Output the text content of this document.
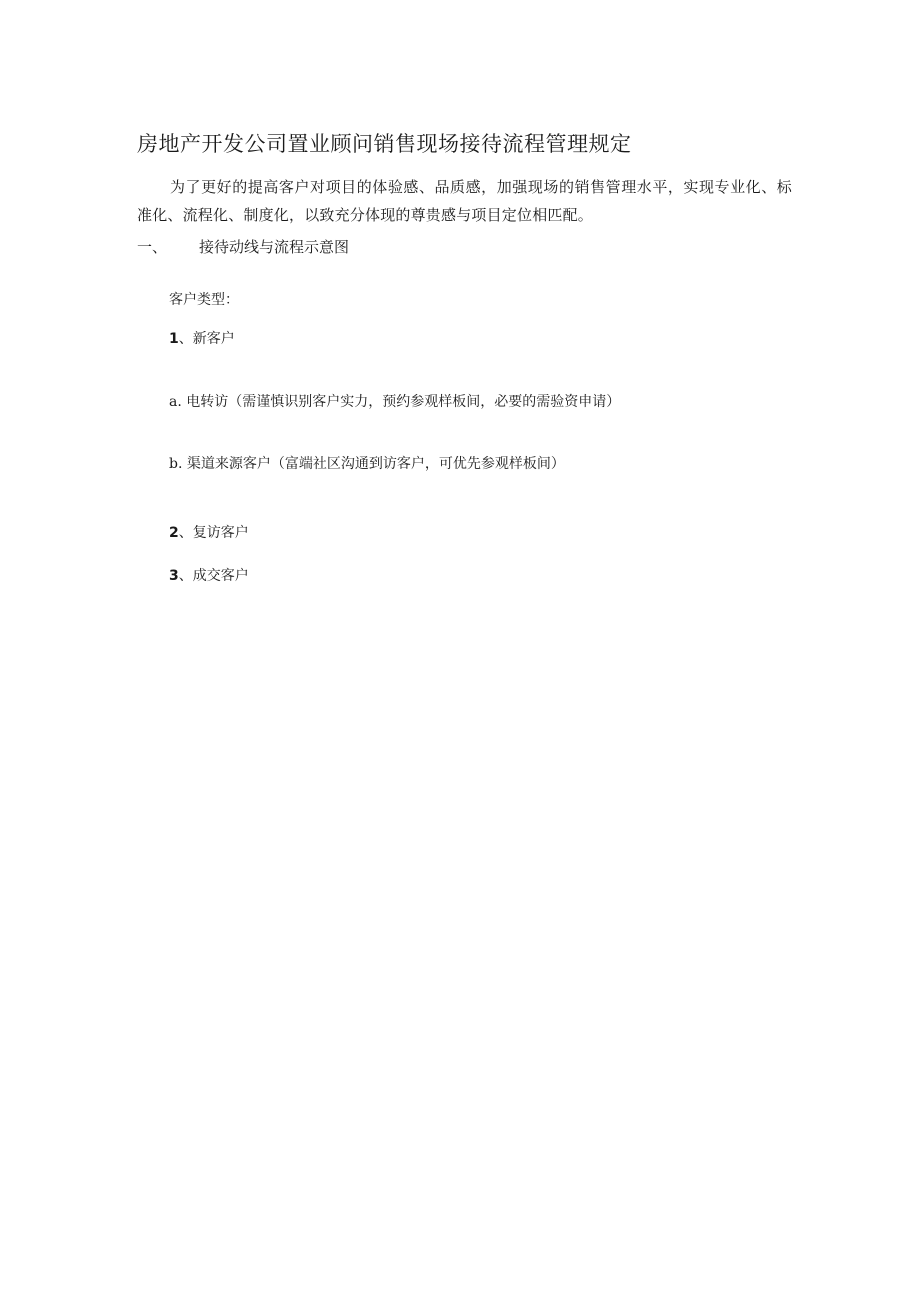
房地产开发公司置业顾问销售现场接待流程管理规定

为了更好的提高客户对项目的体验感、品质感，加强现场的销售管理水平，实现专业化、标准化、流程化、制度化，以致充分体现的尊贵感与项目定位相匹配。

一、 接待动线与流程示意图
客户类型：
1、新客户
a. 电转访（需谨慎识别客户实力，预约参观样板间，必要的需验资申请）
b. 渠道来源客户（富端社区沟通到访客户，可优先参观样板间）
2、复访客户
3、成交客户
